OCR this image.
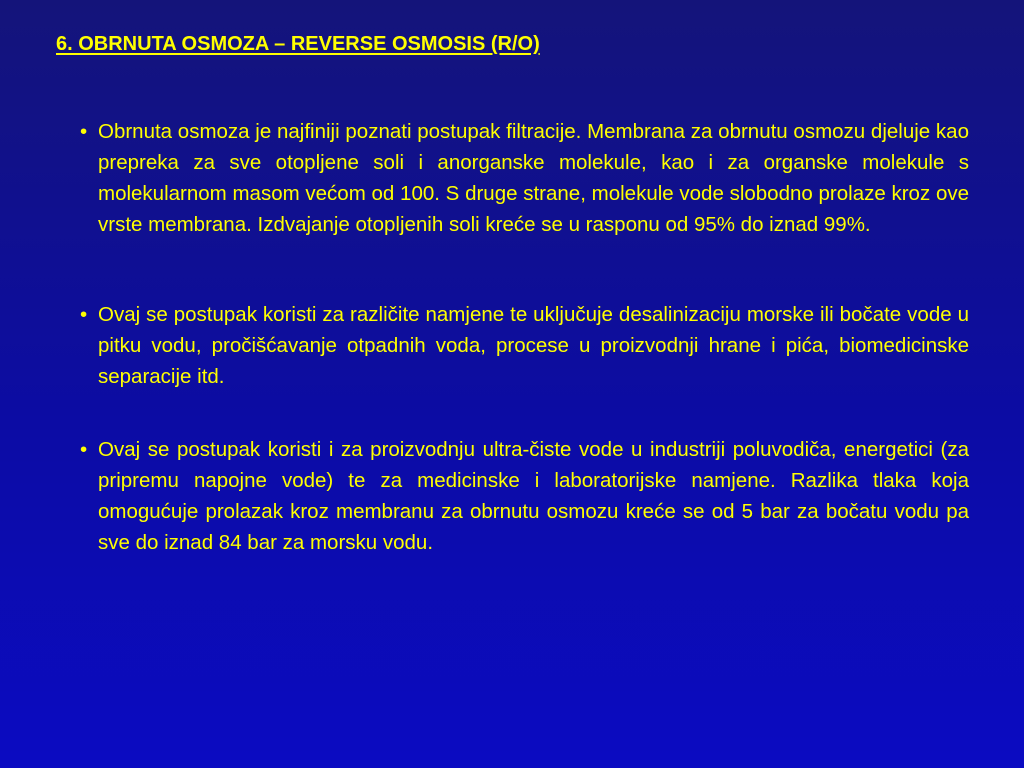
6. OBRNUTA OSMOZA – REVERSE OSMOSIS (R/O)
• Obrnuta osmoza je najfiniji poznati postupak filtracije. Membrana za obrnutu osmozu djeluje kao prepreka za sve otopljene soli i anorganske molekule, kao i za organske molekule s molekularnom masom većom od 100. S druge strane, molekule vode slobodno prolaze kroz ove vrste membrana. Izdvajanje otopljenih soli kreće se u rasponu od 95% do iznad 99%.
• Ovaj se postupak koristi za različite namjene te uključuje desalinizaciju morske ili bočate vode u pitku vodu, pročišćavanje otpadnih voda, procese u proizvodnji hrane i pića, biomedicinske separacije itd.
• Ovaj se postupak koristi i za proizvodnju ultra-čiste vode u industriji poluvodiča, energetici (za pripremu napojne vode) te za medicinske i laboratorijske namjene. Razlika tlaka koja omogućuje prolazak kroz membranu za obrnutu osmozu kreće se od 5 bar za bočatu vodu pa sve do iznad 84 bar za morsku vodu.
